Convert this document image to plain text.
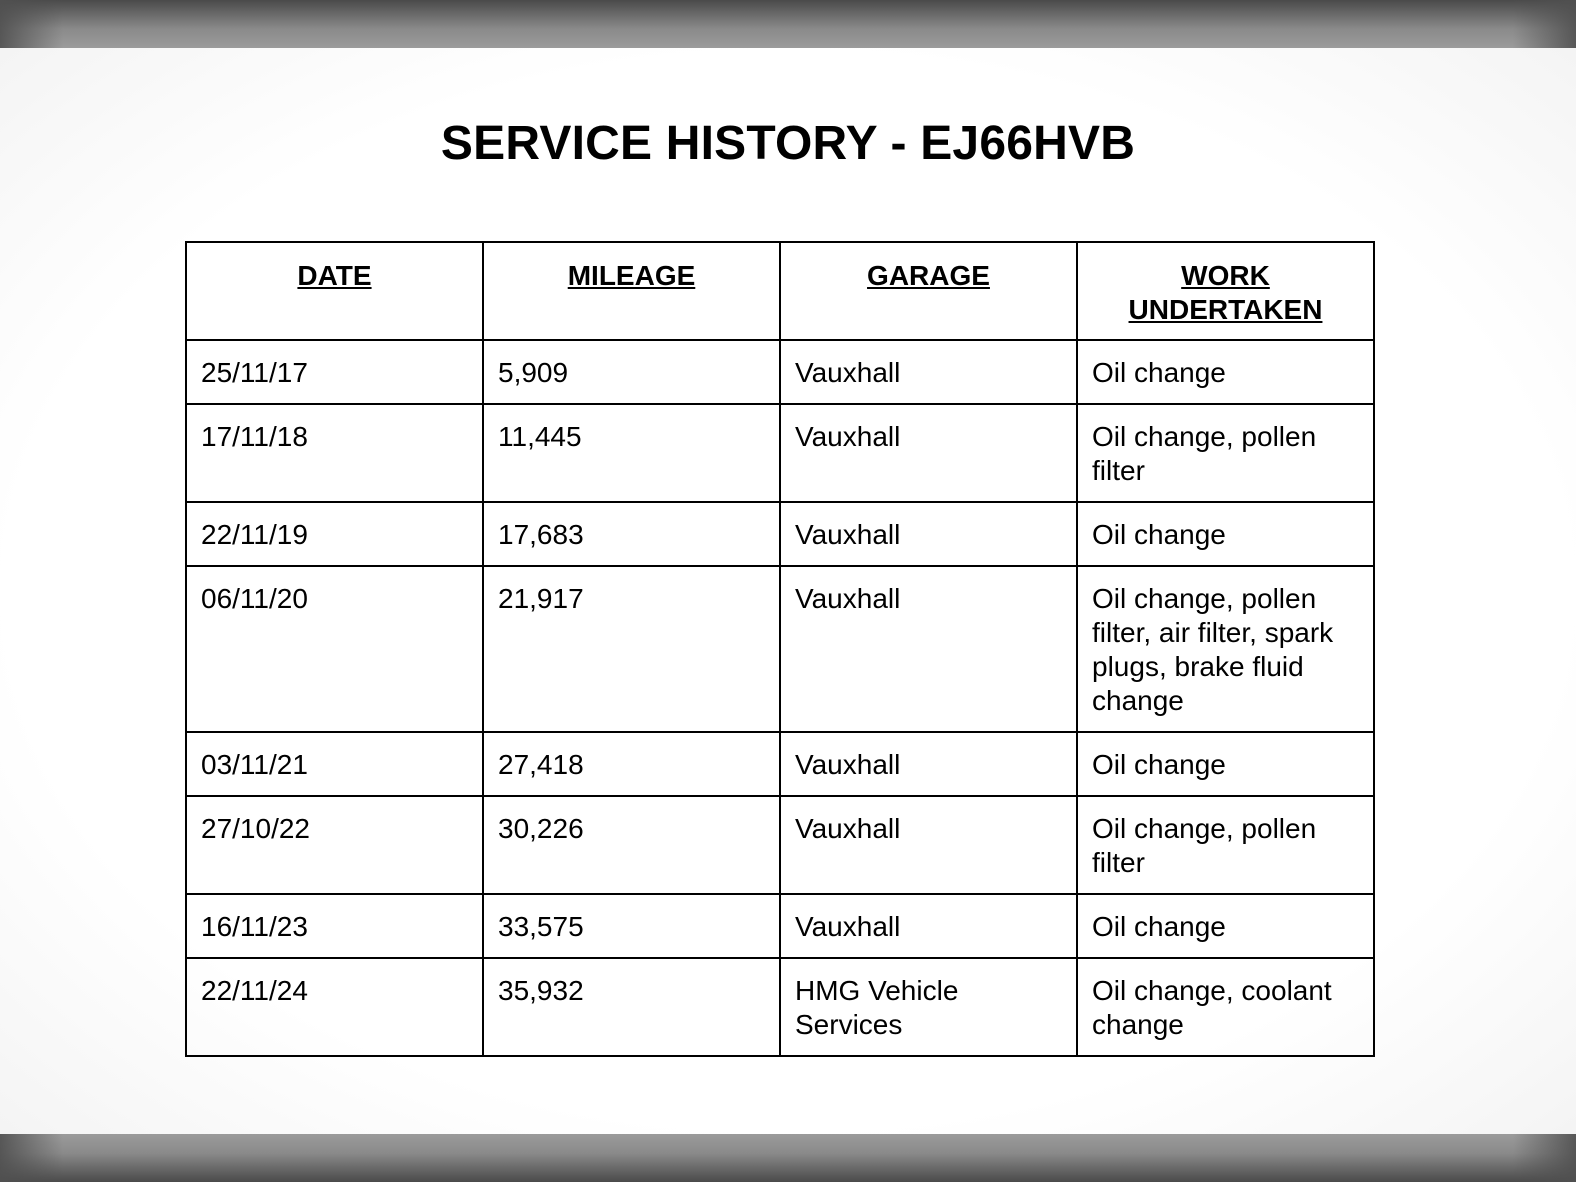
SERVICE HISTORY - EJ66HVB
DATE	MILEAGE	GARAGE	WORK UNDERTAKEN
25/11/17	5,909	Vauxhall	Oil change
17/11/18	11,445	Vauxhall	Oil change, pollen filter
22/11/19	17,683	Vauxhall	Oil change
06/11/20	21,917	Vauxhall	Oil change, pollen filter, air filter, spark plugs, brake fluid change
03/11/21	27,418	Vauxhall	Oil change
27/10/22	30,226	Vauxhall	Oil change, pollen filter
16/11/23	33,575	Vauxhall	Oil change
22/11/24	35,932	HMG Vehicle Services	Oil change, coolant change
